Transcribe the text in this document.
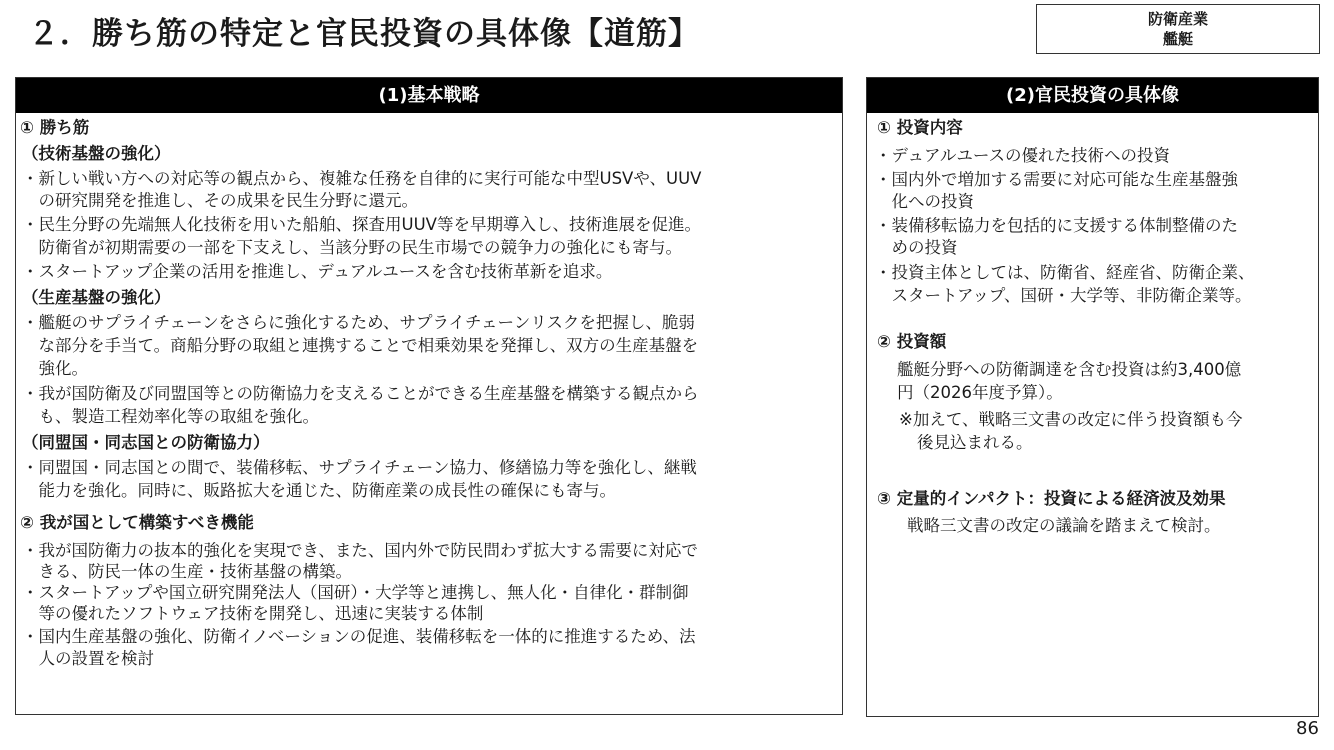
２．勝ち筋の特定と官民投資の具体像【道筋】	防衛産業
艦艇
(1)基本戦略
① 勝ち筋
（技術基盤の強化）
・新しい戦い方への対応等の観点から、複雑な任務を自律的に実行可能な中型USVや、UUV
　の研究開発を推進し、その成果を民生分野に還元。
・民生分野の先端無人化技術を用いた船舶、探査用UUV等を早期導入し、技術進展を促進。
　防衛省が初期需要の一部を下支えし、当該分野の民生市場での競争力の強化にも寄与。
・スタートアップ企業の活用を推進し、デュアルユースを含む技術革新を追求。
（生産基盤の強化）
・艦艇のサプライチェーンをさらに強化するため、サプライチェーンリスクを把握し、脆弱
　な部分を手当て。商船分野の取組と連携することで相乗効果を発揮し、双方の生産基盤を
　強化。
・我が国防衛及び同盟国等との防衛協力を支えることができる生産基盤を構築する観点から
　も、製造工程効率化等の取組を強化。
（同盟国・同志国との防衛協力）
・同盟国・同志国との間で、装備移転、サプライチェーン協力、修繕協力等を強化し、継戦
　能力を強化。同時に、販路拡大を通じた、防衛産業の成長性の確保にも寄与。
② 我が国として構築すべき機能
・我が国防衛力の抜本的強化を実現でき、また、国内外で防民問わず拡大する需要に対応で
　きる、防民一体の生産・技術基盤の構築。
・スタートアップや国立研究開発法人（国研）・大学等と連携し、無人化・自律化・群制御
　等の優れたソフトウェア技術を開発し、迅速に実装する体制
・国内生産基盤の強化、防衛イノベーションの促進、装備移転を一体的に推進するため、法
　人の設置を検討
(2)官民投資の具体像
① 投資内容
・デュアルユースの優れた技術への投資
・国内外で増加する需要に対応可能な生産基盤強
　化への投資
・装備移転協力を包括的に支援する体制整備のた
　めの投資
・投資主体としては、防衛省、経産省、防衛企業、
　スタートアップ、国研・大学等、非防衛企業等。
② 投資額
艦艇分野への防衛調達を含む投資は約3,400億
円（2026年度予算）。
※加えて、戦略三文書の改定に伴う投資額も今
後見込まれる。
③ 定量的インパクト：投資による経済波及効果
戦略三文書の改定の議論を踏まえて検討。
86
